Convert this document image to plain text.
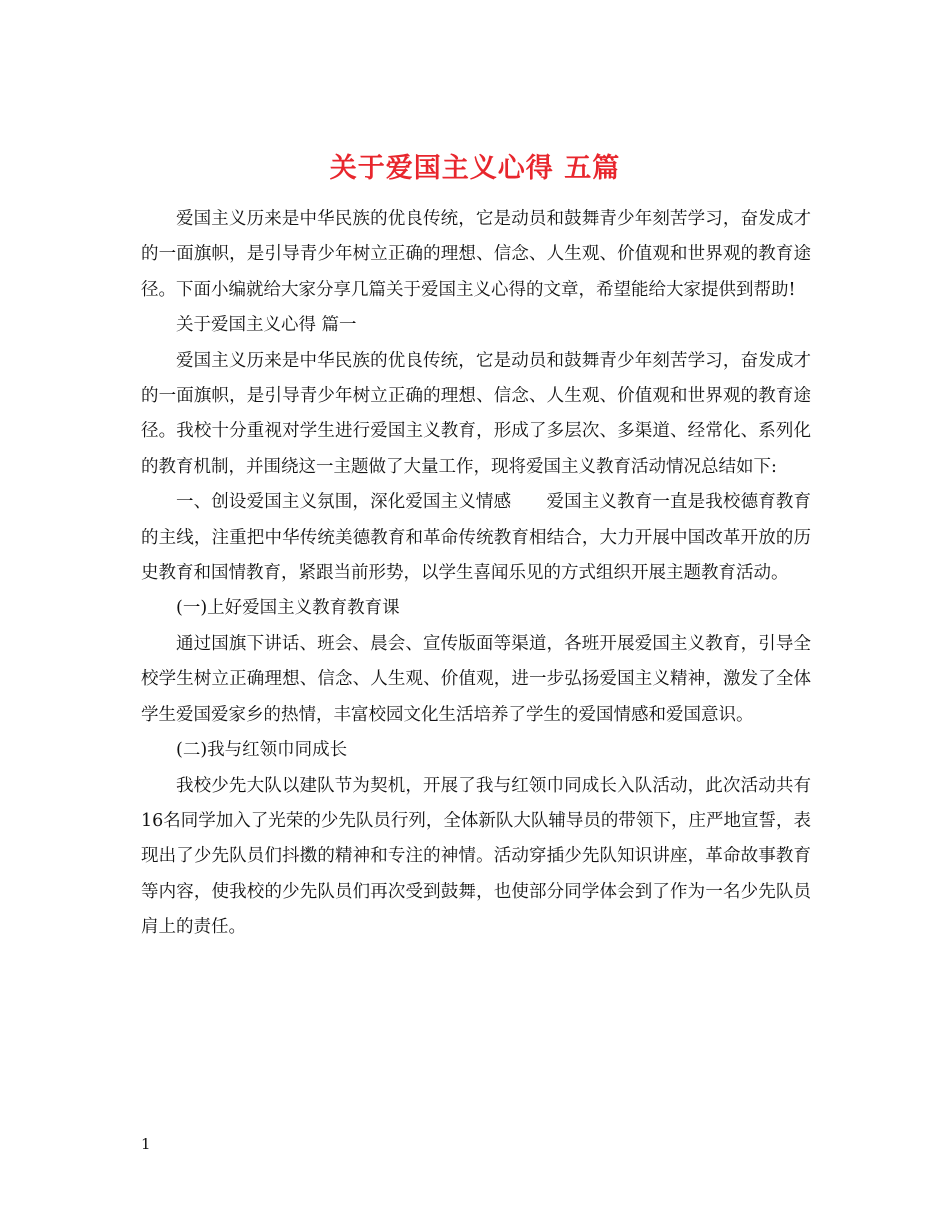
关于爱国主义心得 五篇

爱国主义历来是中华民族的优良传统，它是动员和鼓舞青少年刻苦学习，奋发成才的一面旗帜，是引导青少年树立正确的理想、信念、人生观、价值观和世界观的教育途径。下面小编就给大家分享几篇关于爱国主义心得的文章，希望能给大家提供到帮助!

关于爱国主义心得 篇一

爱国主义历来是中华民族的优良传统，它是动员和鼓舞青少年刻苦学习，奋发成才的一面旗帜，是引导青少年树立正确的理想、信念、人生观、价值观和世界观的教育途径。我校十分重视对学生进行爱国主义教育，形成了多层次、多渠道、经常化、系列化的教育机制，并围绕这一主题做了大量工作，现将爱国主义教育活动情况总结如下:

一、创设爱国主义氛围，深化爱国主义情感　　爱国主义教育一直是我校德育教育的主线，注重把中华传统美德教育和革命传统教育相结合，大力开展中国改革开放的历史教育和国情教育，紧跟当前形势，以学生喜闻乐见的方式组织开展主题教育活动。

(一)上好爱国主义教育教育课

通过国旗下讲话、班会、晨会、宣传版面等渠道，各班开展爱国主义教育，引导全校学生树立正确理想、信念、人生观、价值观，进一步弘扬爱国主义精神，激发了全体学生爱国爱家乡的热情，丰富校园文化生活培养了学生的爱国情感和爱国意识。

(二)我与红领巾同成长

我校少先大队以建队节为契机，开展了我与红领巾同成长入队活动，此次活动共有16名同学加入了光荣的少先队员行列，全体新队大队辅导员的带领下，庄严地宣誓，表现出了少先队员们抖擞的精神和专注的神情。活动穿插少先队知识讲座，革命故事教育等内容，使我校的少先队员们再次受到鼓舞，也使部分同学体会到了作为一名少先队员肩上的责任。

1
